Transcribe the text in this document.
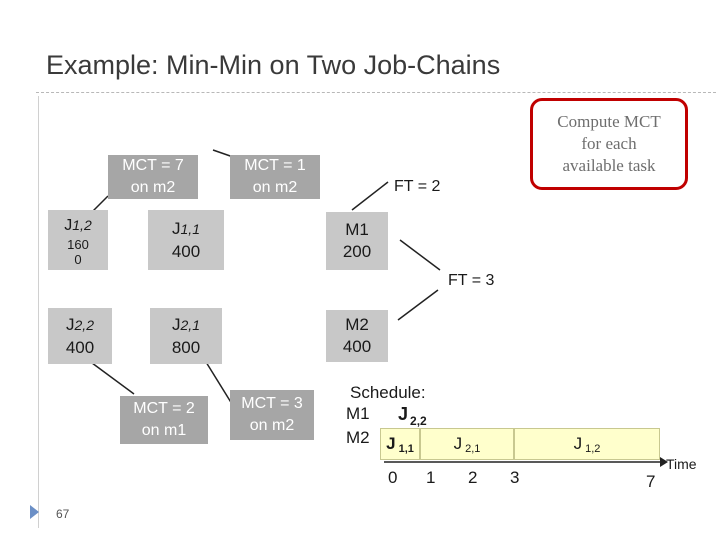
Example: Min-Min on Two Job-Chains
Compute MCT
for each
available task
MCT = 7
on m2
MCT = 1
on m2
MCT = 2
on m1
MCT = 3
on m2
J1,2
160
0
J1,1
400
J2,2
400
J2,1
800
M1
200
M2
400
FT = 2
FT = 3
Schedule:
M1
M2
J $_{2,2}$
J 1,1 J 2,1	J 1,2
0 1 2 3	7
Time
67
